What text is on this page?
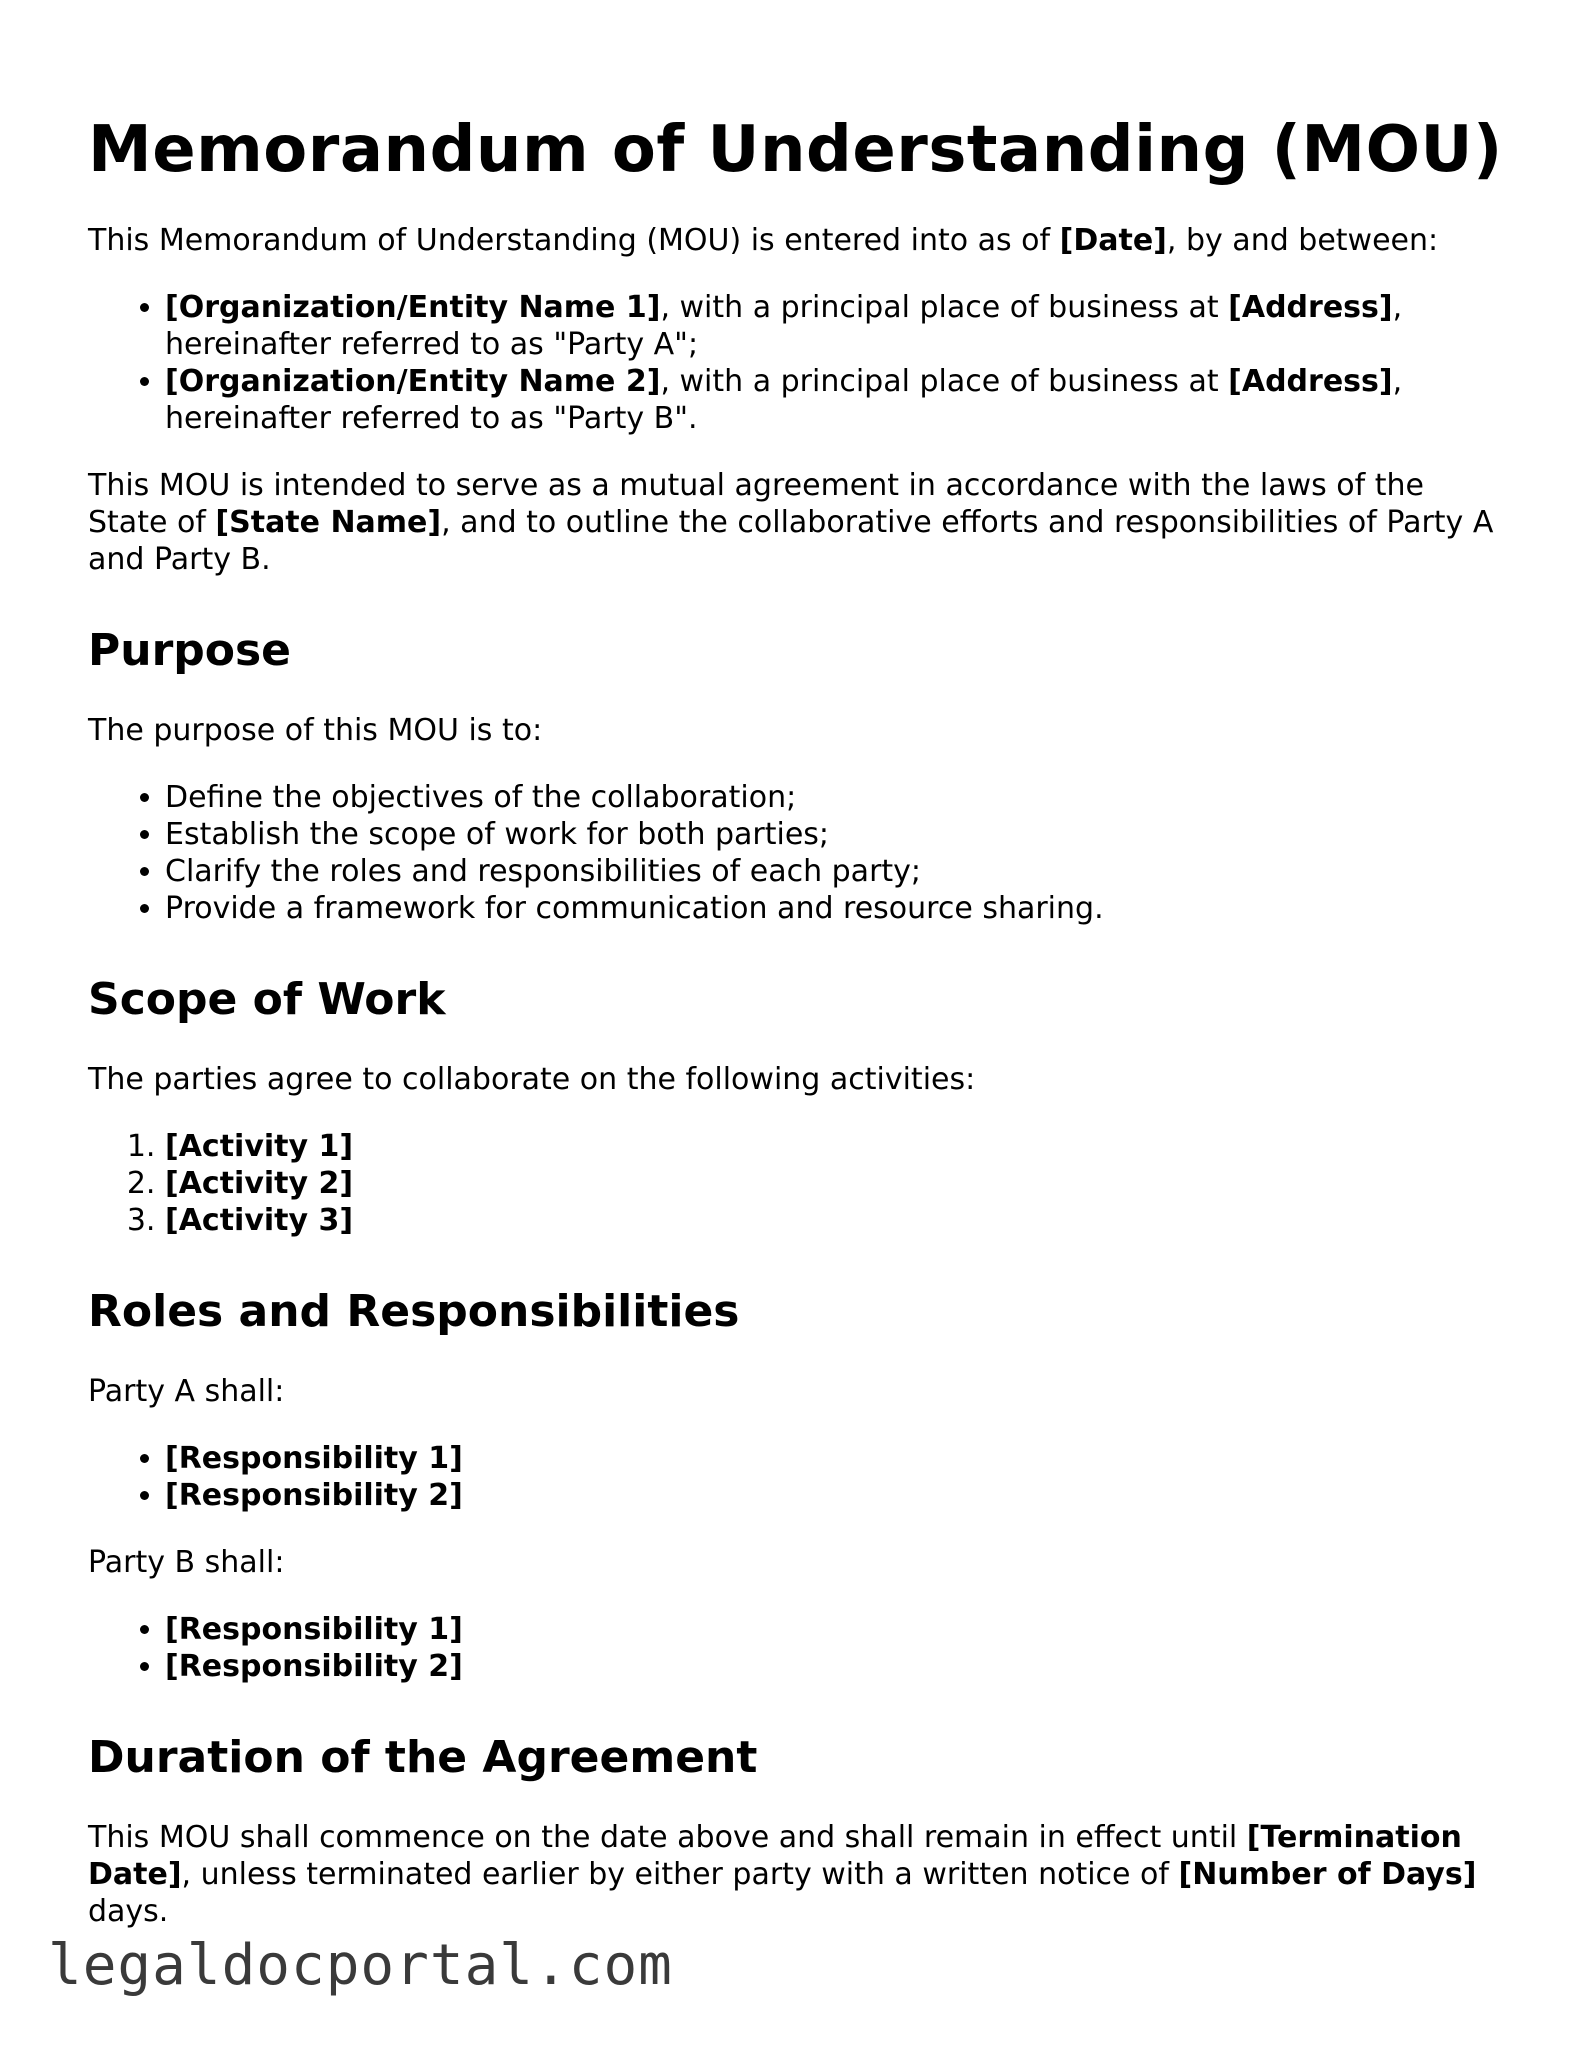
Memorandum of Understanding (MOU)

This Memorandum of Understanding (MOU) is entered into as of [Date], by and between:

• [Organization/Entity Name 1], with a principal place of business at [Address], hereinafter referred to as "Party A";
• [Organization/Entity Name 2], with a principal place of business at [Address], hereinafter referred to as "Party B".

This MOU is intended to serve as a mutual agreement in accordance with the laws of the State of [State Name], and to outline the collaborative efforts and responsibilities of Party A and Party B.

Purpose

The purpose of this MOU is to:

• Define the objectives of the collaboration;
• Establish the scope of work for both parties;
• Clarify the roles and responsibilities of each party;
• Provide a framework for communication and resource sharing.
Scope of Work

The parties agree to collaborate on the following activities:

1. [Activity 1]
2. [Activity 2]
3. [Activity 3]
Roles and Responsibilities

Party A shall:

• [Responsibility 1]
• [Responsibility 2]

Party B shall:

• [Responsibility 1]
• [Responsibility 2]
Duration of the Agreement

This MOU shall commence on the date above and shall remain in effect until [Termination Date], unless terminated earlier by either party with a written notice of [Number of Days] days.

legaldocportal.com
